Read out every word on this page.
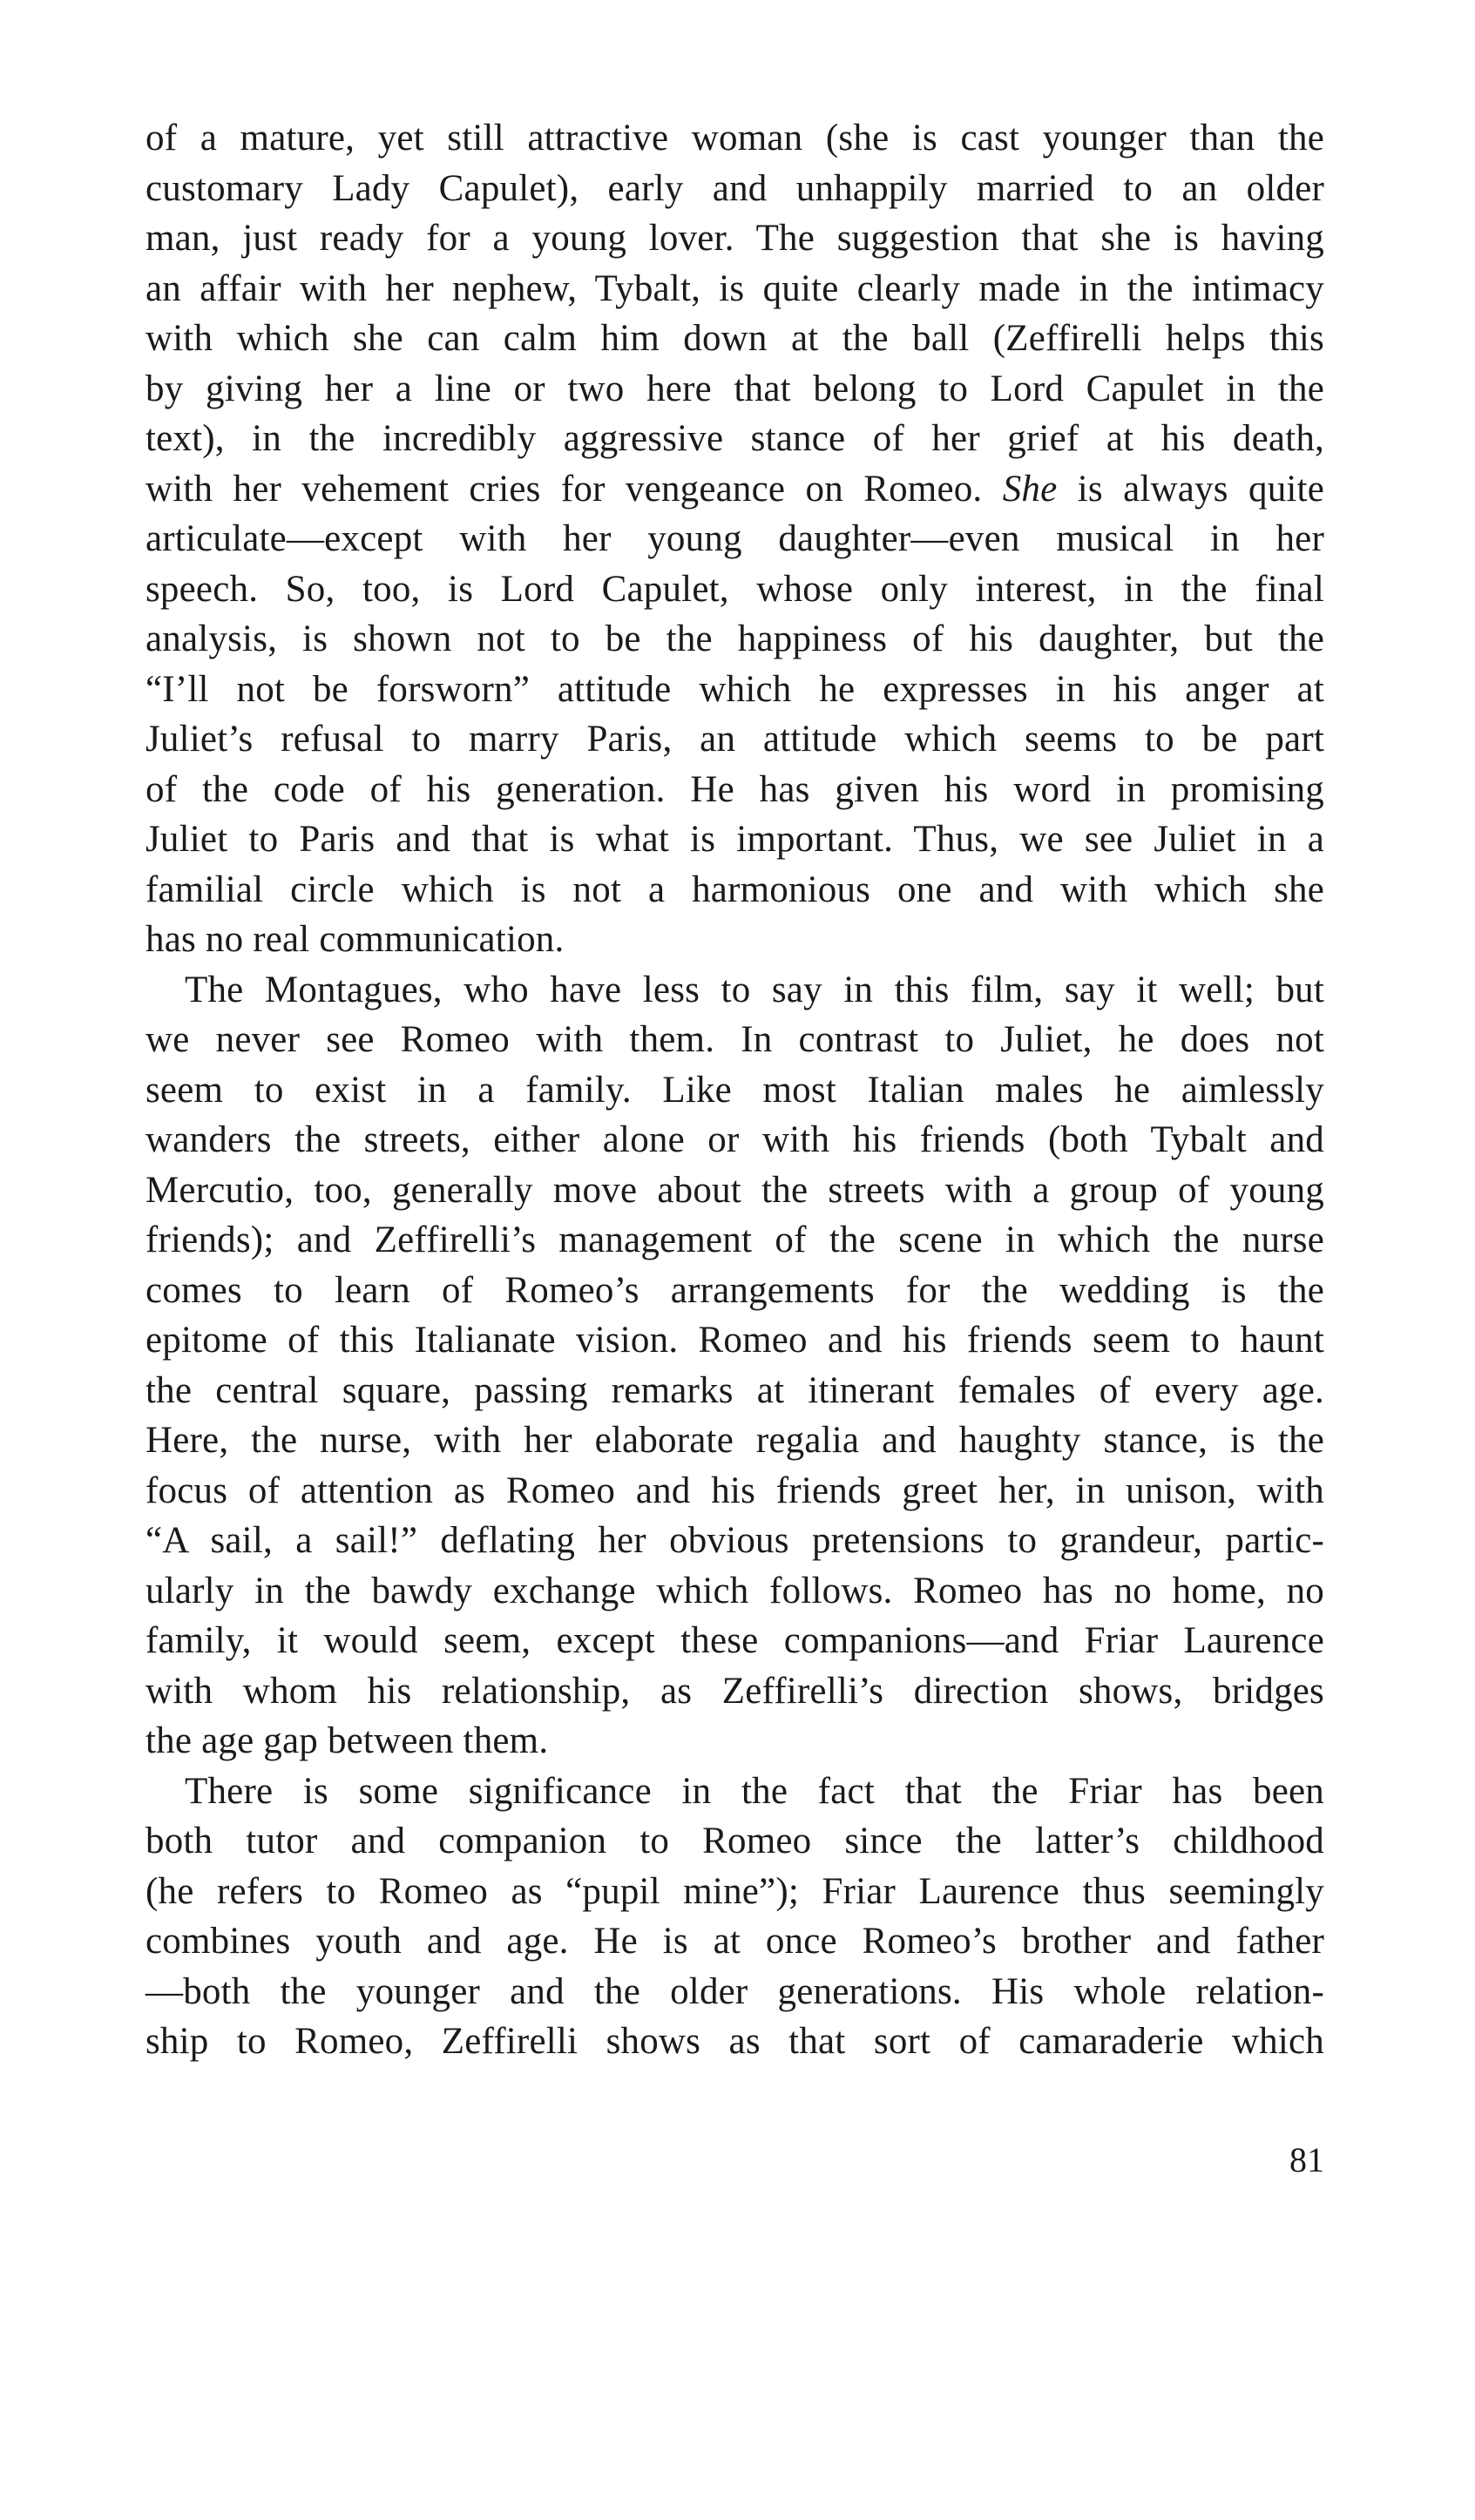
of a mature, yet still attractive woman (she is cast younger than the
customary Lady Capulet), early and unhappily married to an older
man, just ready for a young lover. The suggestion that she is having
an affair with her nephew, Tybalt, is quite clearly made in the intimacy
with which she can calm him down at the ball (Zeffirelli helps this
by giving her a line or two here that belong to Lord Capulet in the
text), in the incredibly aggressive stance of her grief at his death,
with her vehement cries for vengeance on Romeo. She is always quite
articulate—except with her young daughter—even musical in her
speech. So, too, is Lord Capulet, whose only interest, in the final
analysis, is shown not to be the happiness of his daughter, but the
“I’ll not be forsworn” attitude which he expresses in his anger at
Juliet’s refusal to marry Paris, an attitude which seems to be part
of the code of his generation. He has given his word in promising
Juliet to Paris and that is what is important. Thus, we see Juliet in a
familial circle which is not a harmonious one and with which she
has no real communication.
The Montagues, who have less to say in this film, say it well; but
we never see Romeo with them. In contrast to Juliet, he does not
seem to exist in a family. Like most Italian males he aimlessly
wanders the streets, either alone or with his friends (both Tybalt and
Mercutio, too, generally move about the streets with a group of young
friends); and Zeffirelli’s management of the scene in which the nurse
comes to learn of Romeo’s arrangements for the wedding is the
epitome of this Italianate vision. Romeo and his friends seem to haunt
the central square, passing remarks at itinerant females of every age.
Here, the nurse, with her elaborate regalia and haughty stance, is the
focus of attention as Romeo and his friends greet her, in unison, with
“A sail, a sail!” deflating her obvious pretensions to grandeur, partic-
ularly in the bawdy exchange which follows. Romeo has no home, no
family, it would seem, except these companions—and Friar Laurence
with whom his relationship, as Zeffirelli’s direction shows, bridges
the age gap between them.
There is some significance in the fact that the Friar has been
both tutor and companion to Romeo since the latter’s childhood
(he refers to Romeo as “pupil mine”); Friar Laurence thus seemingly
combines youth and age. He is at once Romeo’s brother and father
—both the younger and the older generations. His whole relation-
ship to Romeo, Zeffirelli shows as that sort of camaraderie which
81
